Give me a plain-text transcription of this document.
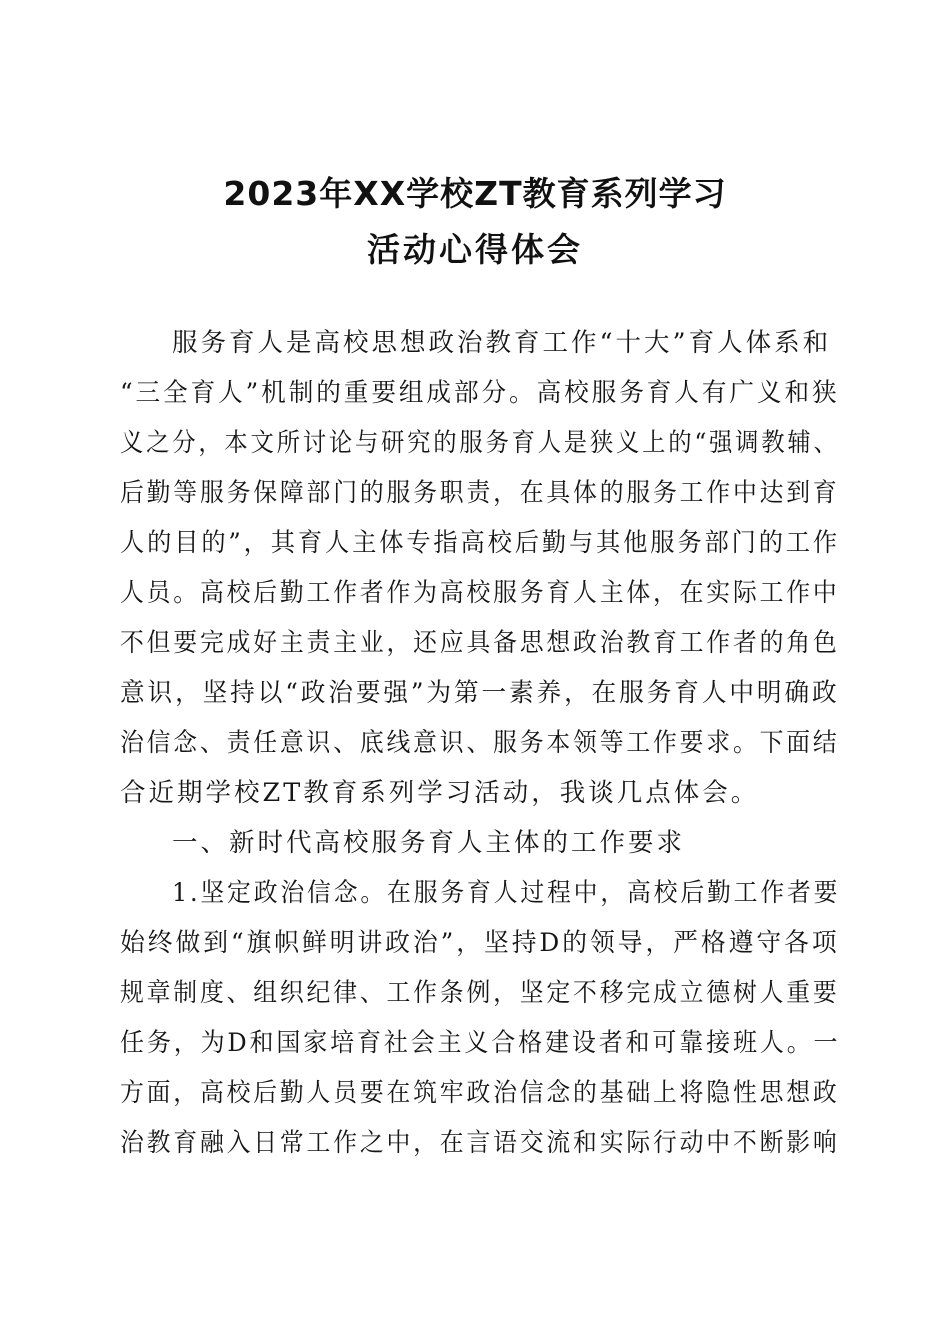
2023年XX学校ZT教育系列学习
活动心得体会
服务育人是高校思想政治教育工作“十大”育人体系和
“三全育人”机制的重要组成部分。高校服务育人有广义和狭
义之分，本文所讨论与研究的服务育人是狭义上的“强调教辅、
后勤等服务保障部门的服务职责，在具体的服务工作中达到育
人的目的”，其育人主体专指高校后勤与其他服务部门的工作
人员。高校后勤工作者作为高校服务育人主体，在实际工作中
不但要完成好主责主业，还应具备思想政治教育工作者的角色
意识，坚持以“政治要强”为第一素养，在服务育人中明确政
治信念、责任意识、底线意识、服务本领等工作要求。下面结
合近期学校ZT教育系列学习活动，我谈几点体会。
一、新时代高校服务育人主体的工作要求
1.坚定政治信念。在服务育人过程中，高校后勤工作者要
始终做到“旗帜鲜明讲政治”，坚持D的领导，严格遵守各项
规章制度、组织纪律、工作条例，坚定不移完成立德树人重要
任务，为D和国家培育社会主义合格建设者和可靠接班人。一
方面，高校后勤人员要在筑牢政治信念的基础上将隐性思想政
治教育融入日常工作之中，在言语交流和实际行动中不断影响
